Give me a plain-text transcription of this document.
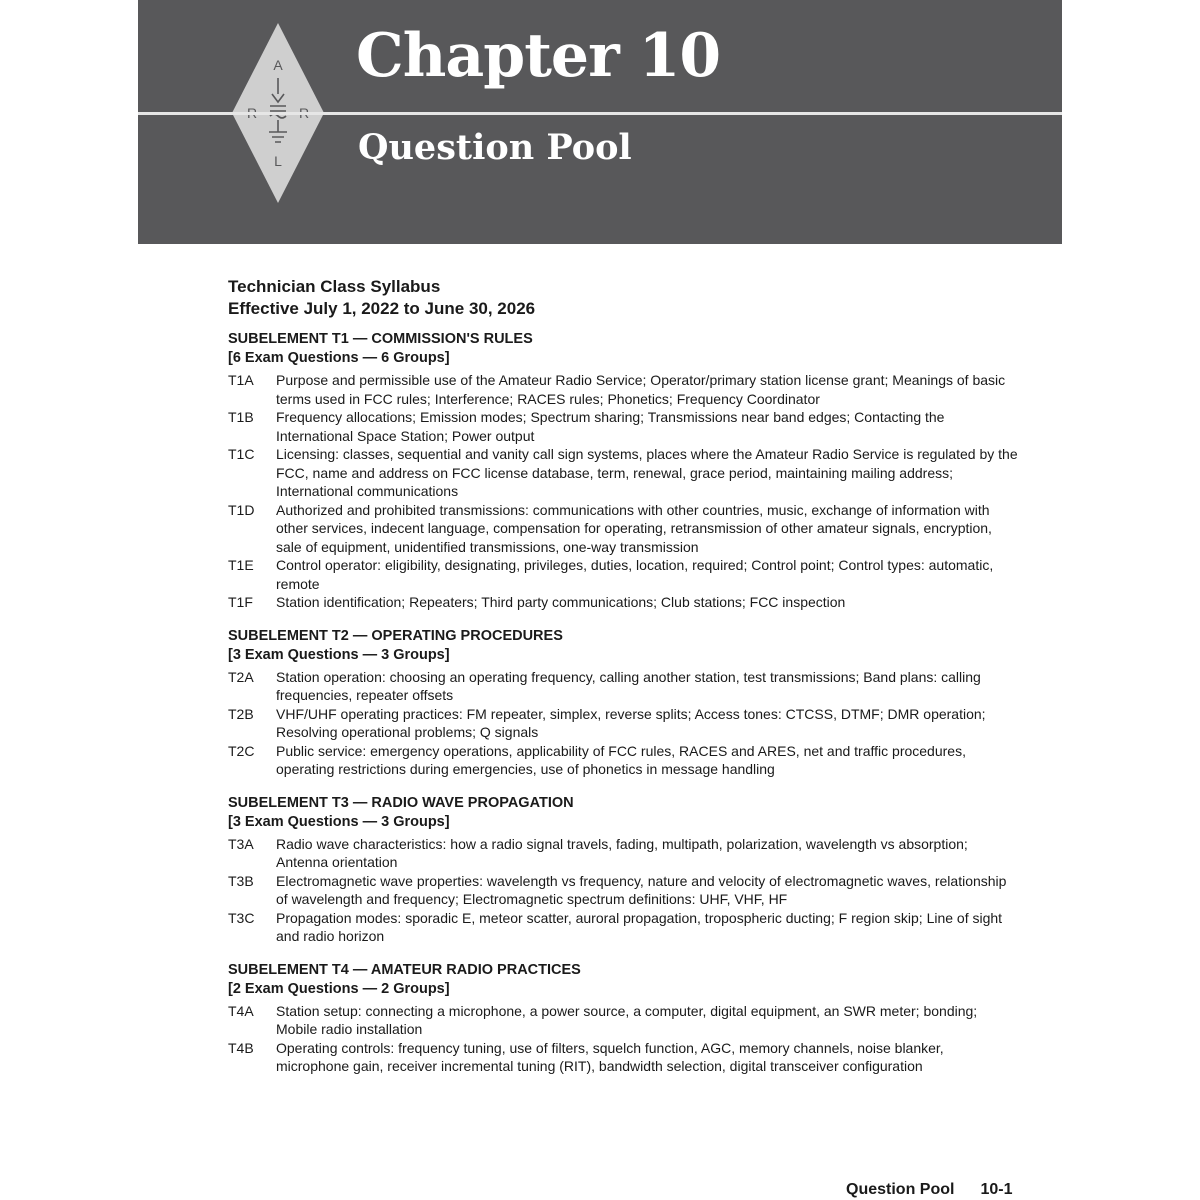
A
L
Chapter 10
Question Pool
Technician Class Syllabus
Effective July 1, 2022 to June 30, 2026
SUBELEMENT T1 — COMMISSION'S RULES
[6 Exam Questions — 6 Groups]
T1A	Purpose and permissible use of the Amateur Radio Service; Operator/primary station license grant; Meanings of basic terms used in FCC rules; Interference; RACES rules; Phonetics; Frequency Coordinator
T1B	Frequency allocations; Emission modes; Spectrum sharing; Transmissions near band edges; Contacting the International Space Station; Power output
T1C	Licensing: classes, sequential and vanity call sign systems, places where the Amateur Radio Service is regulated by the FCC, name and address on FCC license database, term, renewal, grace period, maintaining mailing address; International communications
T1D	Authorized and prohibited transmissions: communications with other countries, music, exchange of information with other services, indecent language, compensation for operating, retransmission of other amateur signals, encryption, sale of equipment, unidentified transmissions, one-way transmission
T1E	Control operator: eligibility, designating, privileges, duties, location, required; Control point; Control types: automatic, remote
T1F	Station identification; Repeaters; Third party communications; Club stations; FCC inspection
SUBELEMENT T2 — OPERATING PROCEDURES
[3 Exam Questions — 3 Groups]
T2A	Station operation: choosing an operating frequency, calling another station, test transmissions; Band plans: calling frequencies, repeater offsets
T2B	VHF/UHF operating practices: FM repeater, simplex, reverse splits; Access tones: CTCSS, DTMF; DMR operation; Resolving operational problems; Q signals
T2C	Public service: emergency operations, applicability of FCC rules, RACES and ARES, net and traffic procedures, operating restrictions during emergencies, use of phonetics in message handling
SUBELEMENT T3 — RADIO WAVE PROPAGATION
[3 Exam Questions — 3 Groups]
T3A	Radio wave characteristics: how a radio signal travels, fading, multipath, polarization, wavelength vs absorption; Antenna orientation
T3B	Electromagnetic wave properties: wavelength vs frequency, nature and velocity of electromagnetic waves, relationship of wavelength and frequency; Electromagnetic spectrum definitions: UHF, VHF, HF
T3C	Propagation modes: sporadic E, meteor scatter, auroral propagation, tropospheric ducting; F region skip; Line of sight and radio horizon
SUBELEMENT T4 — AMATEUR RADIO PRACTICES
[2 Exam Questions — 2 Groups]
T4A	Station setup: connecting a microphone, a power source, a computer, digital equipment, an SWR meter; bonding; Mobile radio installation
T4B	Operating controls: frequency tuning, use of filters, squelch function, AGC, memory channels, noise blanker, microphone gain, receiver incremental tuning (RIT), bandwidth selection, digital transceiver configuration
Question Pool 10-1
